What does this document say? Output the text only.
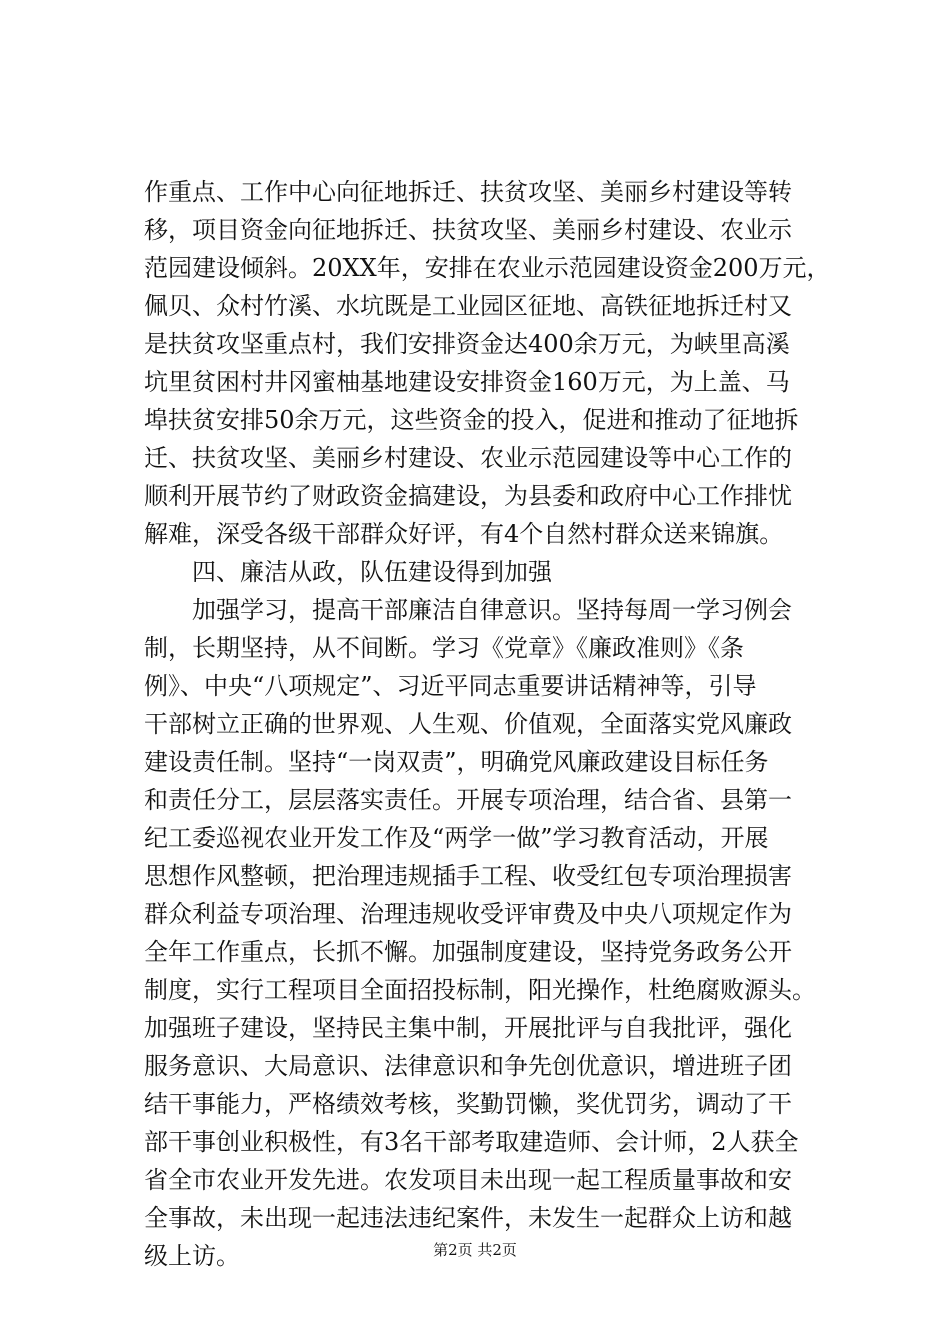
作重点、工作中心向征地拆迁、扶贫攻坚、美丽乡村建设等转
移，项目资金向征地拆迁、扶贫攻坚、美丽乡村建设、农业示
范园建设倾斜。20XX年，安排在农业示范园建设资金200万元，
佩贝、众村竹溪、水坑既是工业园区征地、高铁征地拆迁村又
是扶贫攻坚重点村，我们安排资金达400余万元，为峡里高溪
坑里贫困村井冈蜜柚基地建设安排资金160万元，为上盖、马
埠扶贫安排50余万元，这些资金的投入，促进和推动了征地拆
迁、扶贫攻坚、美丽乡村建设、农业示范园建设等中心工作的
顺利开展节约了财政资金搞建设，为县委和政府中心工作排忧
解难，深受各级干部群众好评，有4个自然村群众送来锦旗。
　　四、廉洁从政，队伍建设得到加强
　　加强学习，提高干部廉洁自律意识。坚持每周一学习例会
制，长期坚持，从不间断。学习《党章》《廉政准则》《条
例》、中央“八项规定”、习近平同志重要讲话精神等，引导
干部树立正确的世界观、人生观、价值观，全面落实党风廉政
建设责任制。坚持“一岗双责”，明确党风廉政建设目标任务
和责任分工，层层落实责任。开展专项治理，结合省、县第一
纪工委巡视农业开发工作及“两学一做”学习教育活动，开展
思想作风整顿，把治理违规插手工程、收受红包专项治理损害
群众利益专项治理、治理违规收受评审费及中央八项规定作为
全年工作重点，长抓不懈。加强制度建设，坚持党务政务公开
制度，实行工程项目全面招投标制，阳光操作，杜绝腐败源头。
加强班子建设，坚持民主集中制，开展批评与自我批评，强化
服务意识、大局意识、法律意识和争先创优意识，增进班子团
结干事能力，严格绩效考核，奖勤罚懒，奖优罚劣，调动了干
部干事创业积极性，有3名干部考取建造师、会计师，2人获全
省全市农业开发先进。农发项目未出现一起工程质量事故和安
全事故，未出现一起违法违纪案件，未发生一起群众上访和越
级上访。	第2页 共2页
